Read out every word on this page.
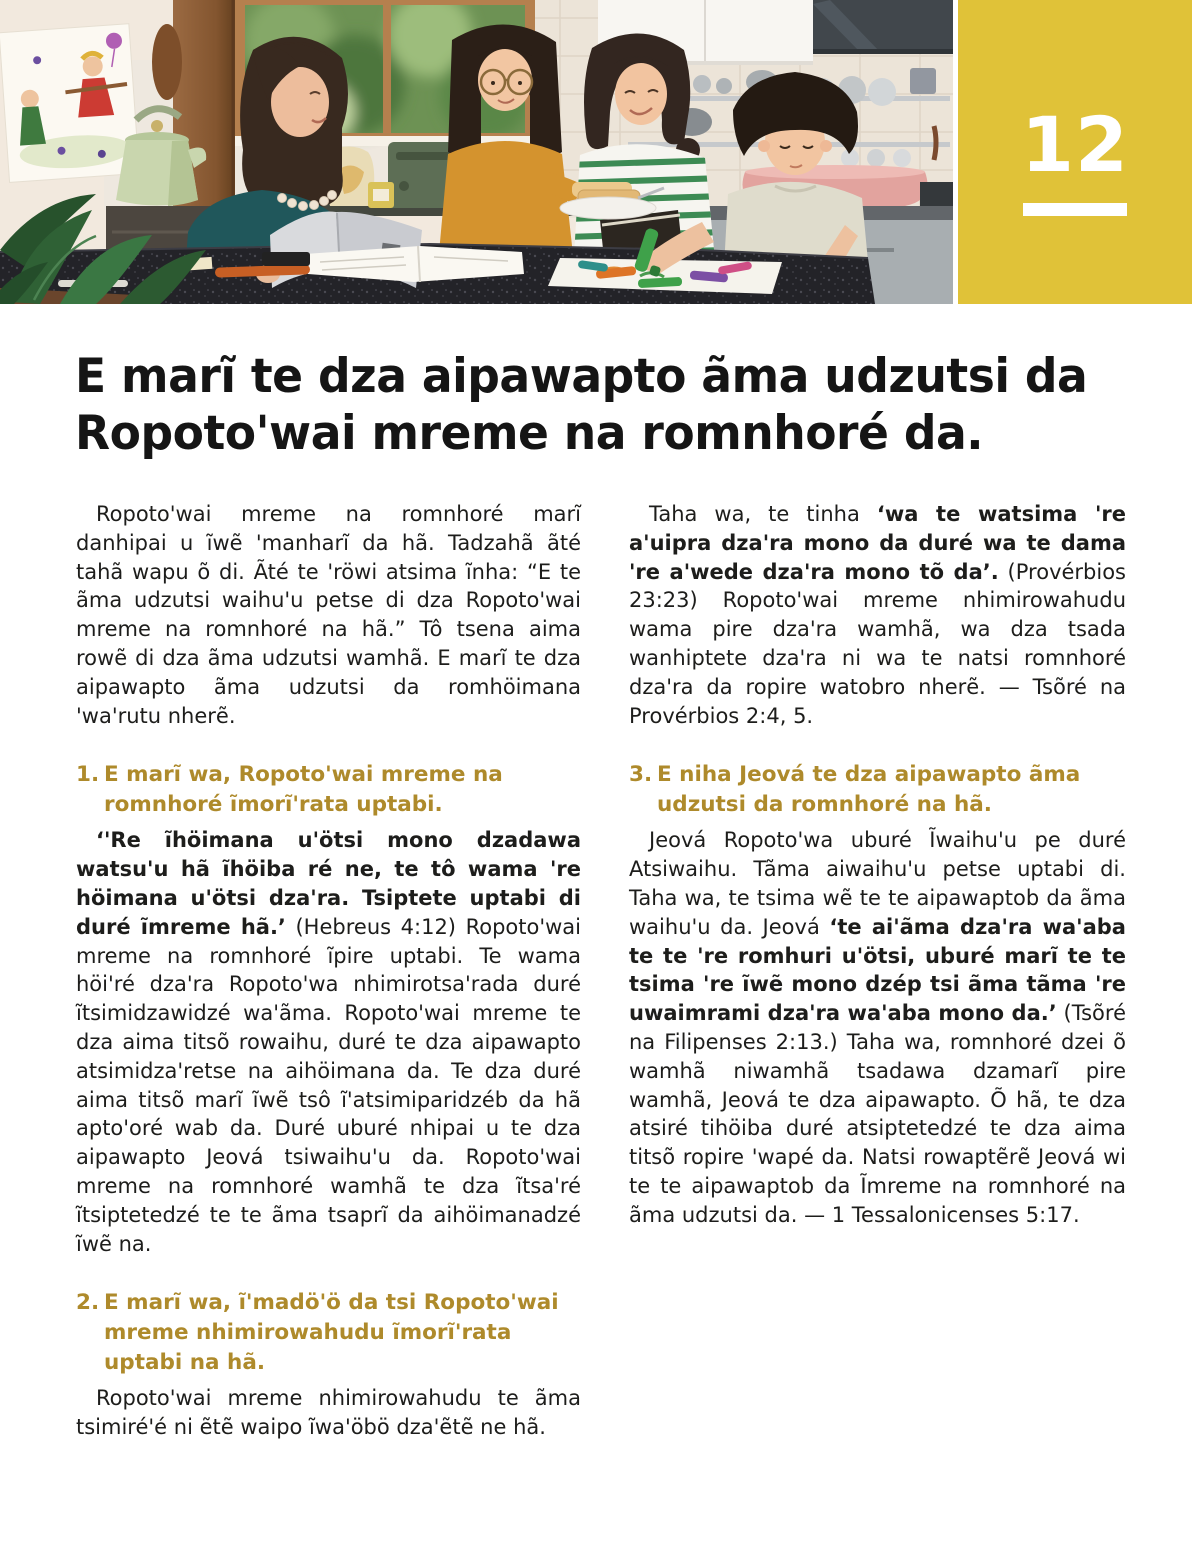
12
E marĩ te dza aipawapto ãma udzutsi da
Ropoto'wai mreme na romnhoré da.

Ropoto'wai mreme na romnhoré marĩ danhipai u ĩwẽ 'manharĩ da hã. Tadzahã ãté tahã wapu õ di. Ãté te 'röwi atsima ĩnha: “E te ãma udzutsi waihu'u petse di dza Ropoto'wai mreme na romnhoré na hã.” Tô tsena aima rowẽ di dza ãma udzutsi wamhã. E marĩ te dza aipawapto ãma udzutsi da romhöimana 'wa'rutu nherẽ.

1. E marĩ wa, Ropoto'wai mreme na romnhoré ĩmorĩ'rata uptabi.

‘'Re ĩhöimana u'ötsi mono dzadawa watsu'u hã ĩhöiba ré ne, te tô wama 're höimana u'ötsi dza'ra. Tsiptete uptabi di duré ĩmreme hã.’ (Hebreus 4:12) Ropoto'wai mreme na romnhoré ĩpire uptabi. Te wama höi'ré dza'ra Ropoto'wa nhimirotsa'rada duré ĩtsimidzawidzé wa'ãma. Ropoto'wai mreme te dza aima titsõ rowaihu, duré te dza aipawapto atsimidza'retse na aihöimana da. Te dza duré aima titsõ marĩ ĩwẽ tsô ĩ'atsimiparidzéb da hã apto'oré wab da. Duré uburé nhipai u te dza aipawapto Jeová tsiwaihu'u da. Ropoto'wai mreme na romnhoré wamhã te dza ĩtsa'ré ĩtsiptetedzé te te ãma tsaprĩ da aihöimanadzé ĩwẽ na.

2. E marĩ wa, ĩ'madö'ö da tsi Ropoto'wai mreme nhimirowahudu ĩmorĩ'rata uptabi na hã.

Ropoto'wai mreme nhimirowahudu te ãma tsimiré'é ni ẽtẽ waipo ĩwa'öbö dza'ẽtẽ ne hã.

Taha wa, te tinha ‘wa te watsima 're a'uipra dza'ra mono da duré wa te dama 're a'wede dza'ra mono tõ da’. (Provérbios 23:23) Ropoto'wai mreme nhimirowahudu wama pire dza'ra wamhã, wa dza tsada wanhiptete dza'ra ni wa te natsi romnhoré dza'ra da ropire watobro nherẽ. — Tsõré na Provérbios 2:4, 5.

3. E niha Jeová te dza aipawapto ãma udzutsi da romnhoré na hã.

Jeová Ropoto'wa uburé Ĩwaihu'u pe duré Atsiwaihu. Tãma aiwaihu'u petse uptabi di. Taha wa, te tsima wẽ te te aipawaptob da ãma waihu'u da. Jeová ‘te ai'ãma dza'ra wa'aba te te 're romhuri u'ötsi, uburé marĩ te te tsima 're ĩwẽ mono dzép tsi ãma tãma 're uwaimrami dza'ra wa'aba mono da.’ (Tsõré na Filipenses 2:13.) Taha wa, romnhoré dzei õ wamhã niwamhã tsadawa dzamarĩ pire wamhã, Jeová te dza aipawapto. Õ hã, te dza atsiré tihöiba duré atsiptetedzé te dza aima titsõ ropire 'wapé da. Natsi rowaptẽrẽ Jeová wi te te aipawaptob da Ĩmreme na romnhoré na ãma udzutsi da. — 1 Tessalonicenses 5:17.
